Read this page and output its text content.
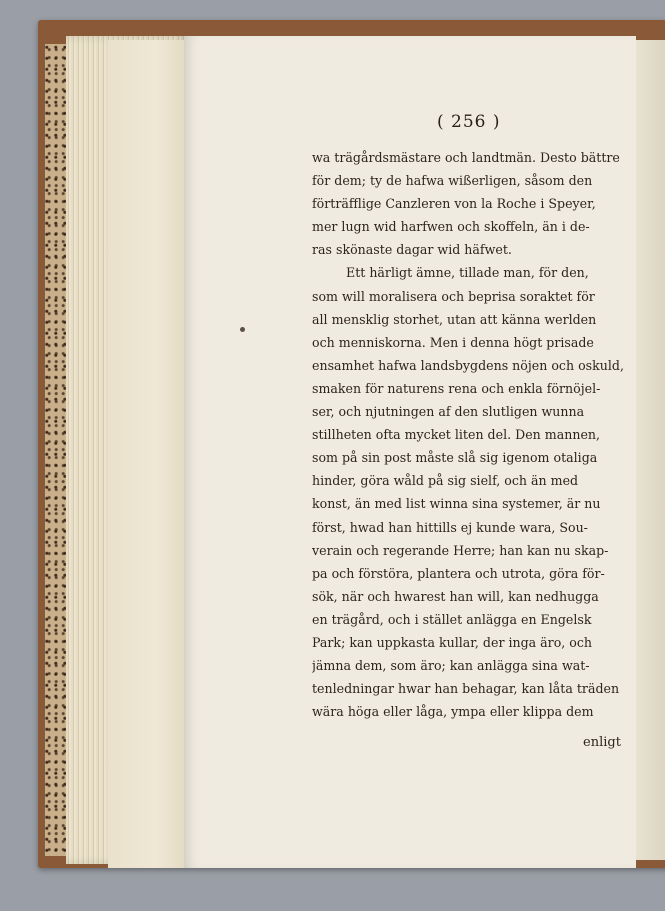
( 256 )
wa trägårdsmästare och landtmän. Desto bättre
för dem; ty de hafwa wißerligen, såsom den
förträfflige Canzleren von la Roche i Speyer,
mer lugn wid harfwen och skoffeln, än i de-
ras skönaste dagar wid häfwet.
Ett härligt ämne, tillade man, för den,
som will moralisera och beprisa soraktet för
all mensklig storhet, utan att känna werlden
och menniskorna. Men i denna högt prisade
ensamhet hafwa landsbygdens nöjen och oskuld,
smaken för naturens rena och enkla förnöjel-
ser, och njutningen af den slutligen wunna
stillheten ofta mycket liten del. Den mannen,
som på sin post måste slå sig igenom otaliga
hinder, göra wåld på sig sielf, och än med
konst, än med list winna sina systemer, är nu
först, hwad han hittills ej kunde wara, Sou-
verain och regerande Herre; han kan nu skap-
pa och förstöra, plantera och utrota, göra för-
sök, när och hwarest han will, kan nedhugga
en trägård, och i stället anlägga en Engelsk
Park; kan uppkasta kullar, der inga äro, och
jämna dem, som äro; kan anlägga sina wat-
tenledningar hwar han behagar, kan låta träden
wära höga eller låga, ympa eller klippa dem
enligt
